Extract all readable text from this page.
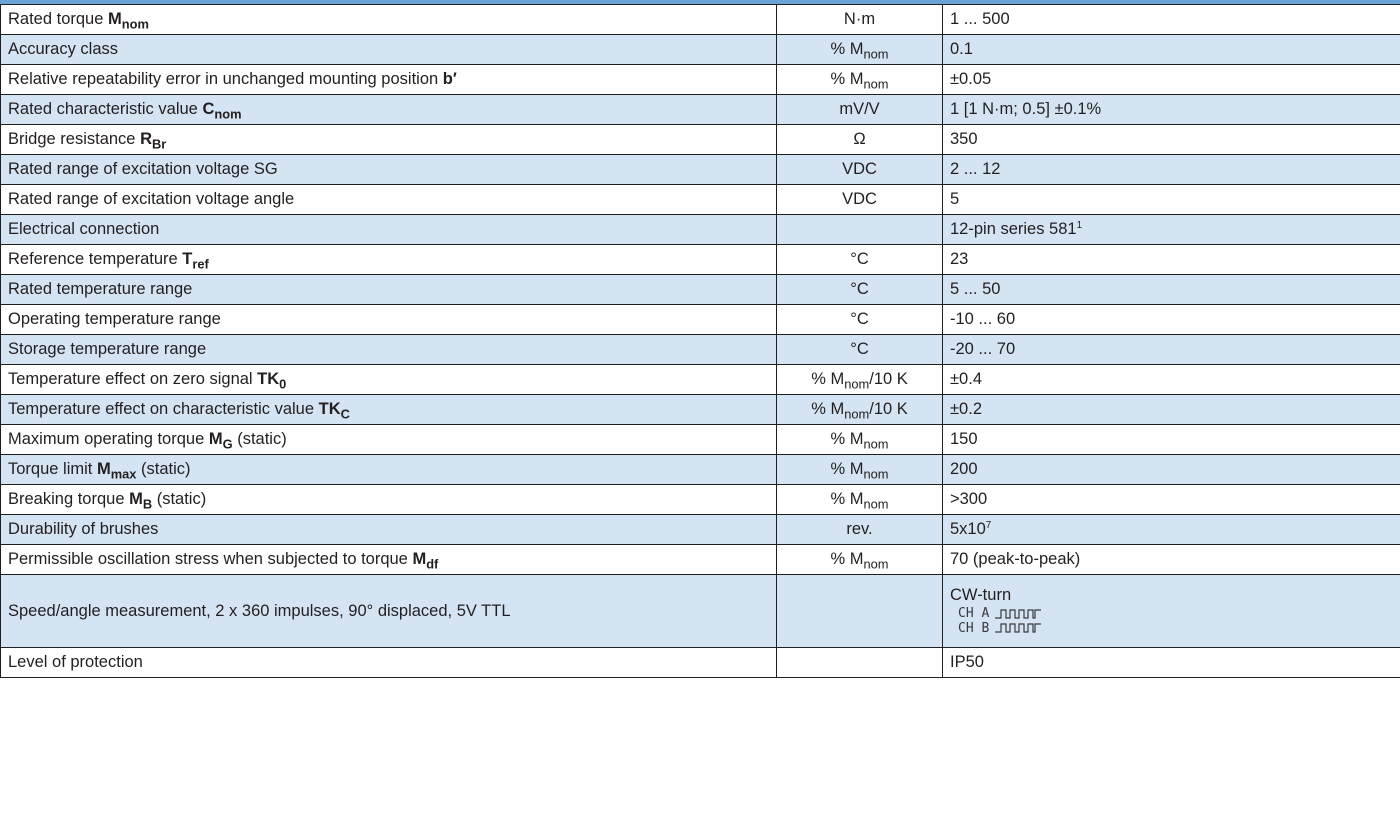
Rated torque $M_{nom}$	N·m	1 ... 500
Accuracy class	% $M_{nom}$	0.1
Relative repeatability error in unchanged mounting position b′	% $M_{nom}$	±0.05
Rated characteristic value $C_{nom}$	mV/V	1 [1 N·m; 0.5] ±0.1%
Bridge resistance $R_{Br}$	Ω	350
Rated range of excitation voltage SG	VDC	2 ... 12
Rated range of excitation voltage angle	VDC	5
Electrical connection		12-pin series $581^1$
Reference temperature $T_{ref}$	°C	23
Rated temperature range	°C	5 ... 50
Operating temperature range	°C	-10 ... 60
Storage temperature range	°C	-20 ... 70
Temperature effect on zero signal $TK_0$	% $M_{nom}/10$ K	±0.4
Temperature effect on characteristic value $TK_C$	% $M_{nom}/10$ K	±0.2
Maximum operating torque $M_G$ (static)	% $M_{nom}$	150
Torque limit $M_{max}$ (static)	% $M_{nom}$	200
Breaking torque $M_B$ (static)	% $M_{nom}$	>300
Durability of brushes	rev.	$5x10^7$
Permissible oscillation stress when subjected to torque $M_{df}$	% $M_{nom}$	70 (peak-to-peak)
Speed/angle measurement, 2 x 360 impulses, 90° displaced, 5V TTL		CW-turn
CH A
CH B

Level of protection		IP50
